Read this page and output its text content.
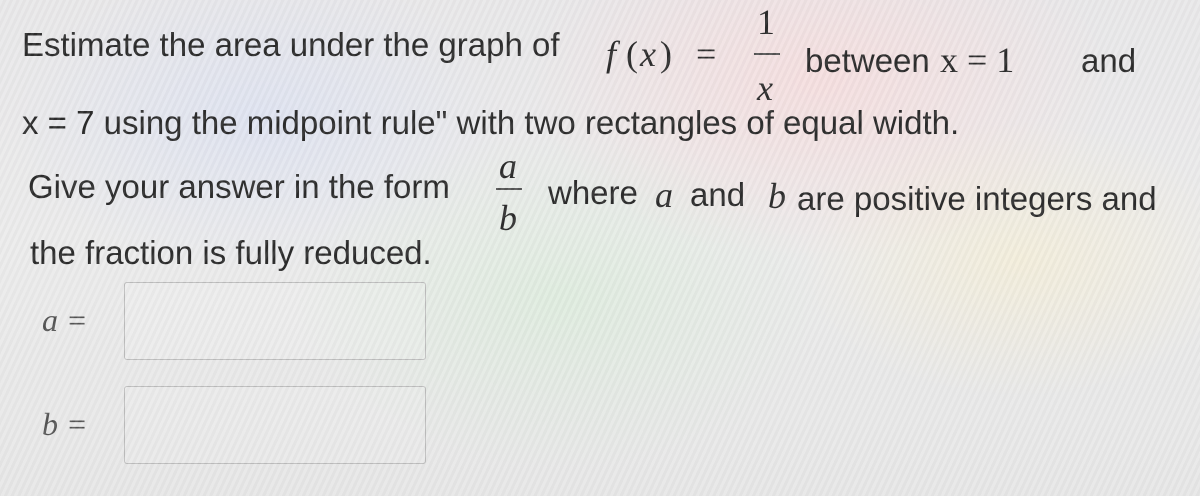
Estimate the area under the graph of f ( x ) =
1
x
between x = 1 and
x = 7 using the midpoint rule" with two rectangles of equal width.
Give your answer in the form
a
b
where a and b are positive integers and
the fraction is fully reduced.
a =
b =
